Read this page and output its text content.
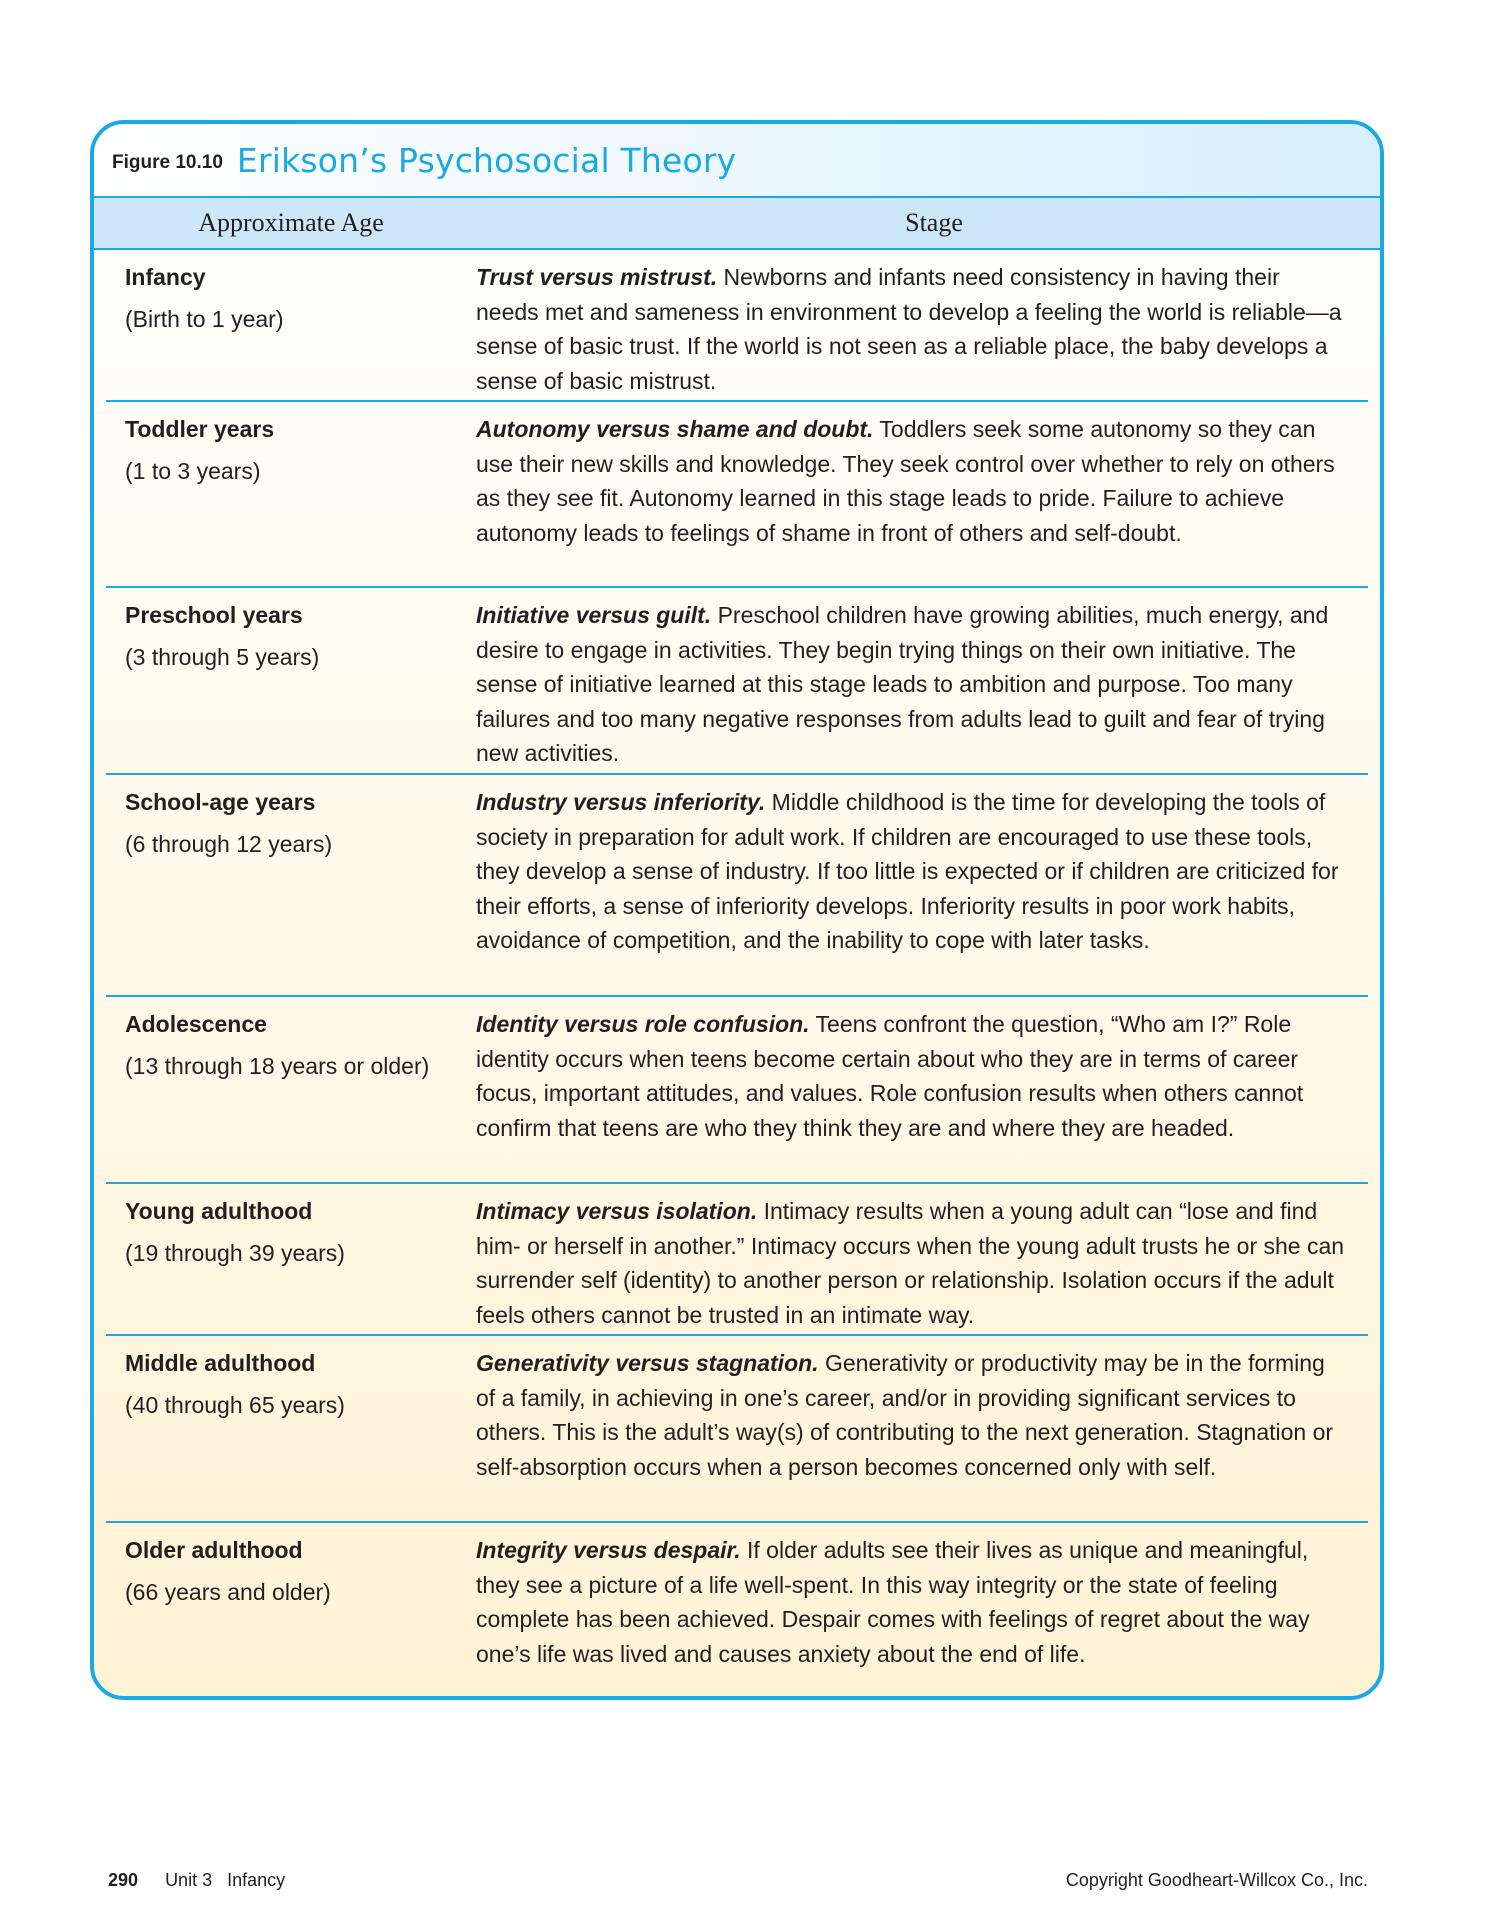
Figure 10.10 Erikson’s Psychosocial Theory
Approximate Age	Stage
Infancy
(Birth to 1 year)
Trust versus mistrust. Newborns and infants need consistency in having their needs met and sameness in environment to develop a feeling the world is reliable—a sense of basic trust. If the world is not seen as a reliable place, the baby develops a sense of basic mistrust.
Toddler years
(1 to 3 years)
Autonomy versus shame and doubt. Toddlers seek some autonomy so they can use their new skills and knowledge. They seek control over whether to rely on others as they see fit. Autonomy learned in this stage leads to pride. Failure to achieve autonomy leads to feelings of shame in front of others and self-doubt.
Preschool years
(3 through 5 years)
Initiative versus guilt. Preschool children have growing abilities, much energy, and desire to engage in activities. They begin trying things on their own initiative. The sense of initiative learned at this stage leads to ambition and purpose. Too many failures and too many negative responses from adults lead to guilt and fear of trying new activities.
School-age years
(6 through 12 years)
Industry versus inferiority. Middle childhood is the time for developing the tools of society in preparation for adult work. If children are encouraged to use these tools, they develop a sense of industry. If too little is expected or if children are criticized for their efforts, a sense of inferiority develops. Inferiority results in poor work habits, avoidance of competition, and the inability to cope with later tasks.
Adolescence
(13 through 18 years or older)
Identity versus role confusion. Teens confront the question, “Who am I?” Role identity occurs when teens become certain about who they are in terms of career focus, important attitudes, and values. Role confusion results when others cannot confirm that teens are who they think they are and where they are headed.
Young adulthood
(19 through 39 years)
Intimacy versus isolation. Intimacy results when a young adult can “lose and find him- or herself in another.” Intimacy occurs when the young adult trusts he or she can surrender self (identity) to another person or relationship. Isolation occurs if the adult feels others cannot be trusted in an intimate way.
Middle adulthood
(40 through 65 years)
Generativity versus stagnation. Generativity or productivity may be in the forming of a family, in achieving in one’s career, and/or in providing significant services to others. This is the adult’s way(s) of contributing to the next generation. Stagnation or self-absorption occurs when a person becomes concerned only with self.
Older adulthood
(66 years and older)
Integrity versus despair. If older adults see their lives as unique and meaningful, they see a picture of a life well-spent. In this way integrity or the state of feeling complete has been achieved. Despair comes with feelings of regret about the way one’s life was lived and causes anxiety about the end of life.
290 Unit 3   Infancy	Copyright Goodheart-Willcox Co., Inc.
